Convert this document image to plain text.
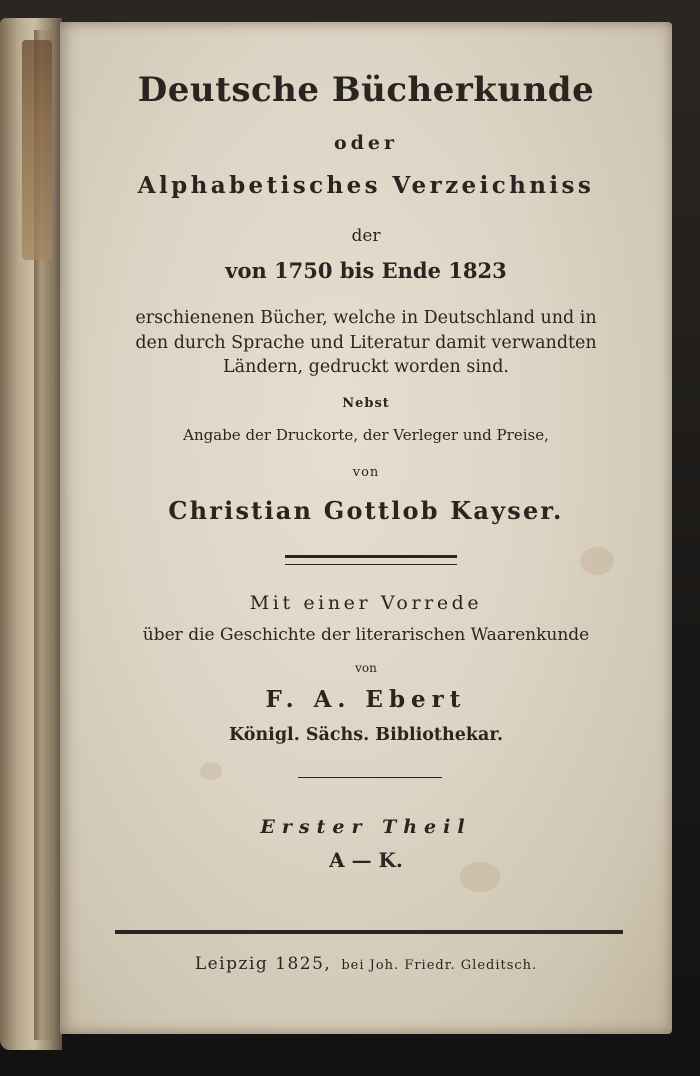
Deutsche Bücherkunde
oder
Alphabetisches Verzeichniss
der
von 1750 bis Ende 1823
erschienenen Bücher, welche in Deutschland und in
den durch Sprache und Literatur damit verwandten
Ländern, gedruckt worden sind.
Nebst
Angabe der Druckorte, der Verleger und Preise,
von
Christian Gottlob Kayser.
Mit einer Vorrede
über die Geschichte der literarischen Waarenkunde
von
F. A. Ebert
Königl. Sächs. Bibliothekar.
Erster Theil
A — K.
Leipzig 1825, bei Joh. Friedr. Gleditsch.
